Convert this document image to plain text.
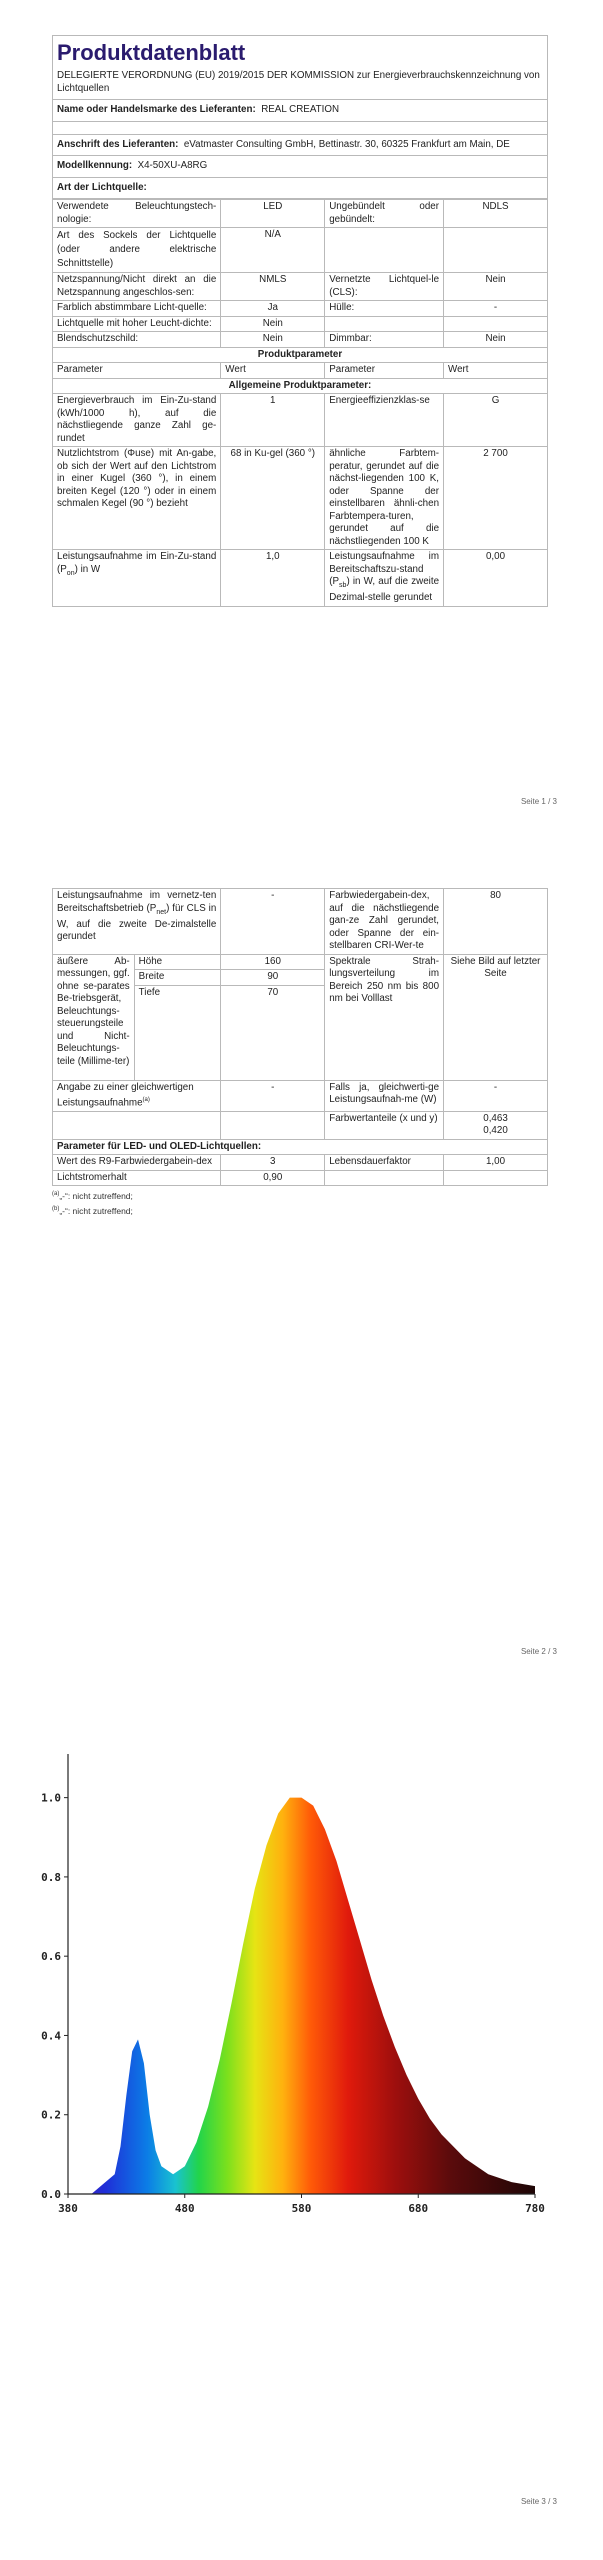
Produktdatenblatt
DELEGIERTE VERORDNUNG (EU) 2019/2015 DER KOMMISSION zur Energieverbrauchskennzeichnung von Lichtquellen
Name oder Handelsmarke des Lieferanten: REAL CREATION
Anschrift des Lieferanten: eVatmaster Consulting GmbH, Bettinastr. 30, 60325 Frankfurt am Main, DE
Modellkennung: X4-50XU-A8RG
Art der Lichtquelle:
Verwendete Beleuchtungstech-nologie:	LED	Ungebündelt oder gebündelt:	NDLS
Art des Sockels der Lichtquelle (oder andere elektrische Schnittstelle)	N/A		
Netzspannung/Nicht direkt an die Netzspannung angeschlos-sen:	NMLS	Vernetzte Lichtquel-le (CLS):	Nein
Farblich abstimmbare Licht-quelle:	Ja	Hülle:	-
Lichtquelle mit hoher Leucht-dichte:	Nein		
Blendschutzschild:	Nein	Dimmbar:	Nein
Produktparameter			
Parameter	Wert	Parameter	Wert
Allgemeine Produktparameter:			
Energieverbrauch im Ein-Zu-stand (kWh/1000 h), auf die nächstliegende ganze Zahl ge-rundet	1	Energieeffizienzklas-se	G
Nutzlichtstrom (Φuse) mit An-gabe, ob sich der Wert auf den Lichtstrom in einer Kugel (360 °), in einem breiten Kegel (120 °) oder in einem schmalen Kegel (90 °) bezieht	68 in Ku-gel (360 °)	ähnliche Farbtem-peratur, gerundet auf die nächst-liegenden 100 K, oder Spanne der einstellbaren ähnli-chen Farbtempera-turen, gerundet auf die nächstliegenden 100 K	2 700
Leistungsaufnahme im Ein-Zu-stand $(P_{on})$ in W	1,0	Leistungsaufnahme im Bereitschaftszu-stand $(P_{sb})$ in W, auf die zweite Dezimal-stelle gerundet	0,00
Seite 1 / 3
Leistungsaufnahme im vernetz-ten Bereitschaftsbetrieb $(P_{net})$ für CLS in W, auf die zweite De-zimalstelle gerundet		-	Farbwiedergabein-dex, auf die nächstliegende gan-ze Zahl gerundet, oder Spanne der ein-stellbaren CRI-Wer-te	80
äußere Ab-messungen, ggf. ohne se-parates Be-triebsgerät, Beleuchtungs-steuerungsteile und Nicht-Beleuchtungs-teile (Millime-ter)	Höhe	160	Spektrale Strah-lungsverteilung im Bereich 250 nm bis 800 nm bei Volllast	Siehe Bild auf letzter Seite
	Breite	90		
	Tiefe	70		

Angabe zu einer gleichwertigen Leistungsaufnahme$^{(a)}$		-	Falls ja, gleichwerti-ge Leistungsaufnah-me (W)	-
			Farbwertanteile (x und y)	0,463
0,420

Parameter für LED- und OLED-Lichtquellen:				
Wert des R9-Farbwiedergabein-dex		3	Lebensdauerfaktor	1,00
Lichtstromerhalt		0,90		
$^{(a)}$„-“: nicht zutreffend;
$^{(b)}$„-“: nicht zutreffend;
Seite 2 / 3
0.0
0.2
0.4
0.6
0.8
1.0
380	480	580	680	780
Seite 3 / 3
